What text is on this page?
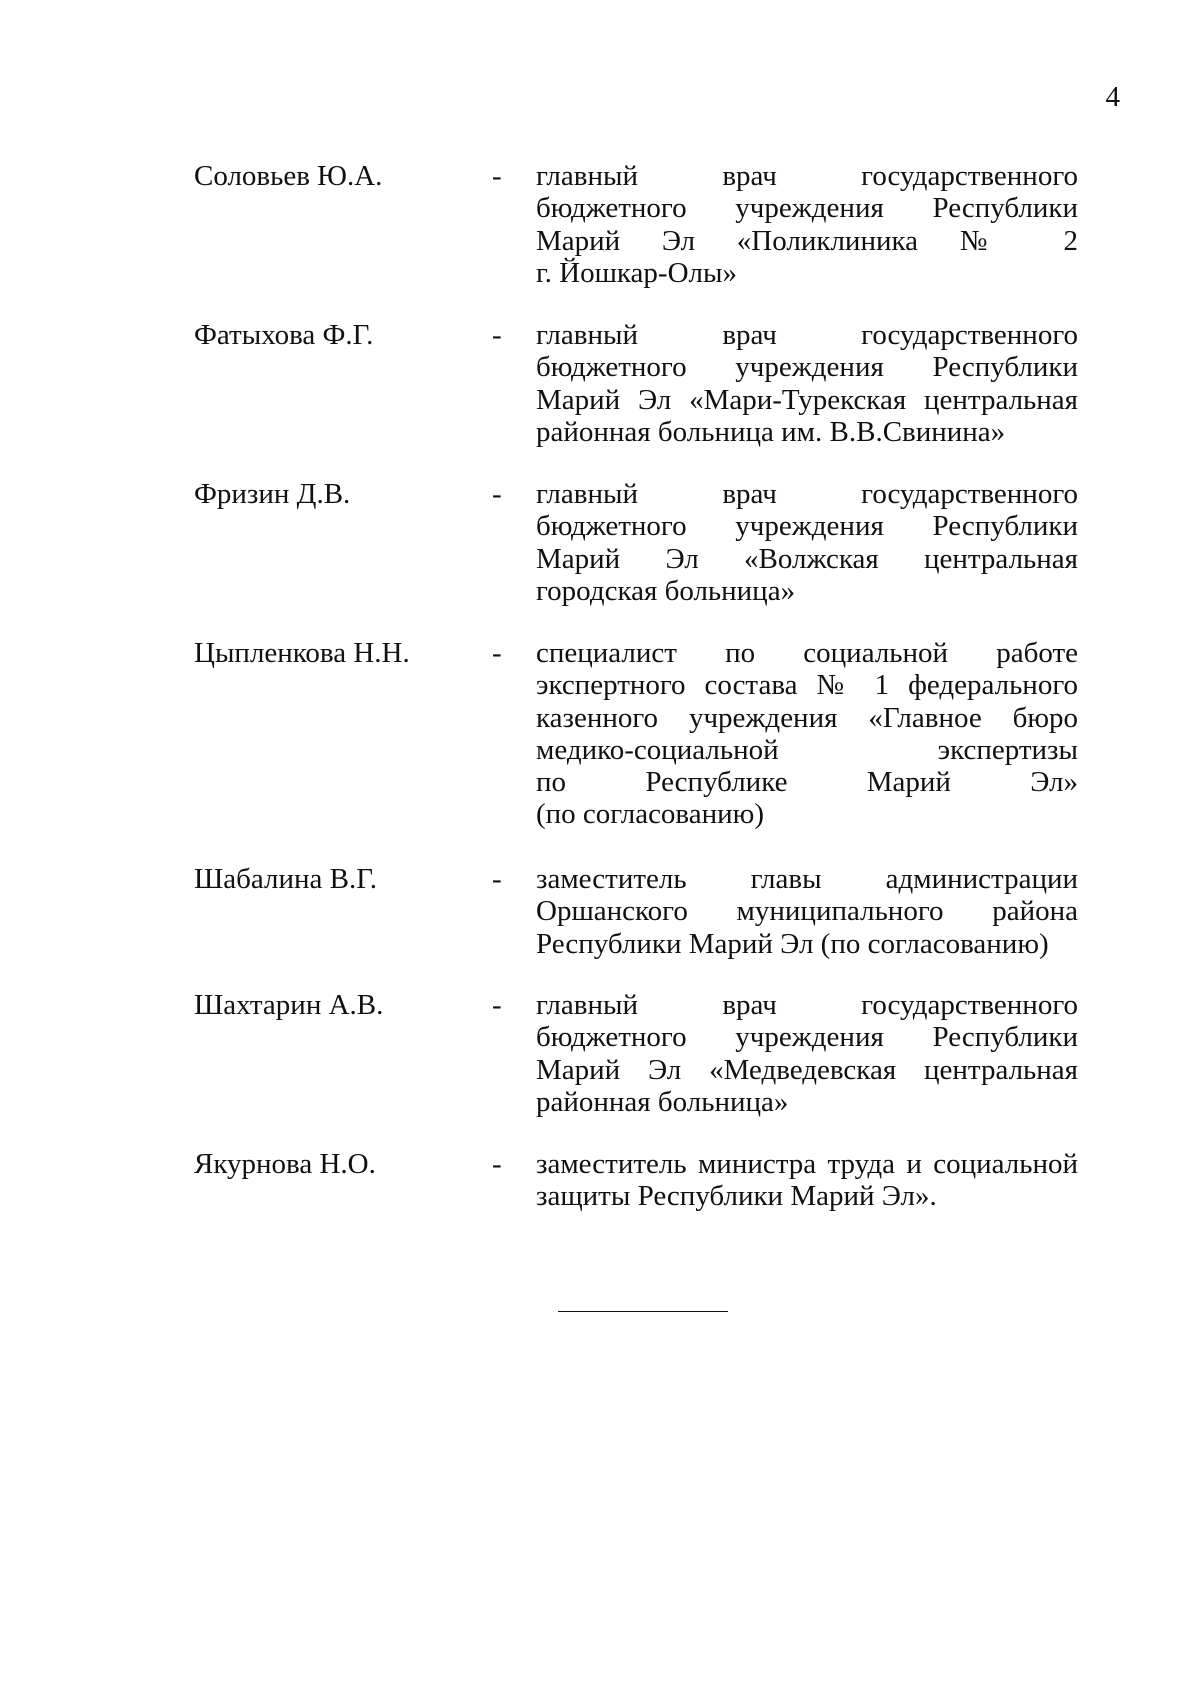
4
Соловьев Ю.А.	- главный врач государственного
бюджетного учреждения Республики
Марий Эл «Поликлиника № 2
г. Йошкар-Олы»
Фатыхова Ф.Г.	- главный врач государственного
бюджетного учреждения Республики
Марий Эл «Мари-Турекская центральная
районная больница им. В.В.Свинина»
Фризин Д.В.	- главный врач государственного
бюджетного учреждения Республики
Марий Эл «Волжская центральная
городская больница»
Цыпленкова Н.Н.	- специалист по социальной работе
экспертного состава № 1 федерального
казенного учреждения «Главное бюро
медико-социальной экспертизы
по Республике Марий Эл»
(по согласованию)
Шабалина В.Г.	- заместитель главы администрации
Оршанского муниципального района
Республики Марий Эл (по согласованию)
Шахтарин А.В.	- главный врач государственного
бюджетного учреждения Республики
Марий Эл «Медведевская центральная
районная больница»
Якурнова Н.О.	- заместитель министра труда и социальной
защиты Республики Марий Эл».
